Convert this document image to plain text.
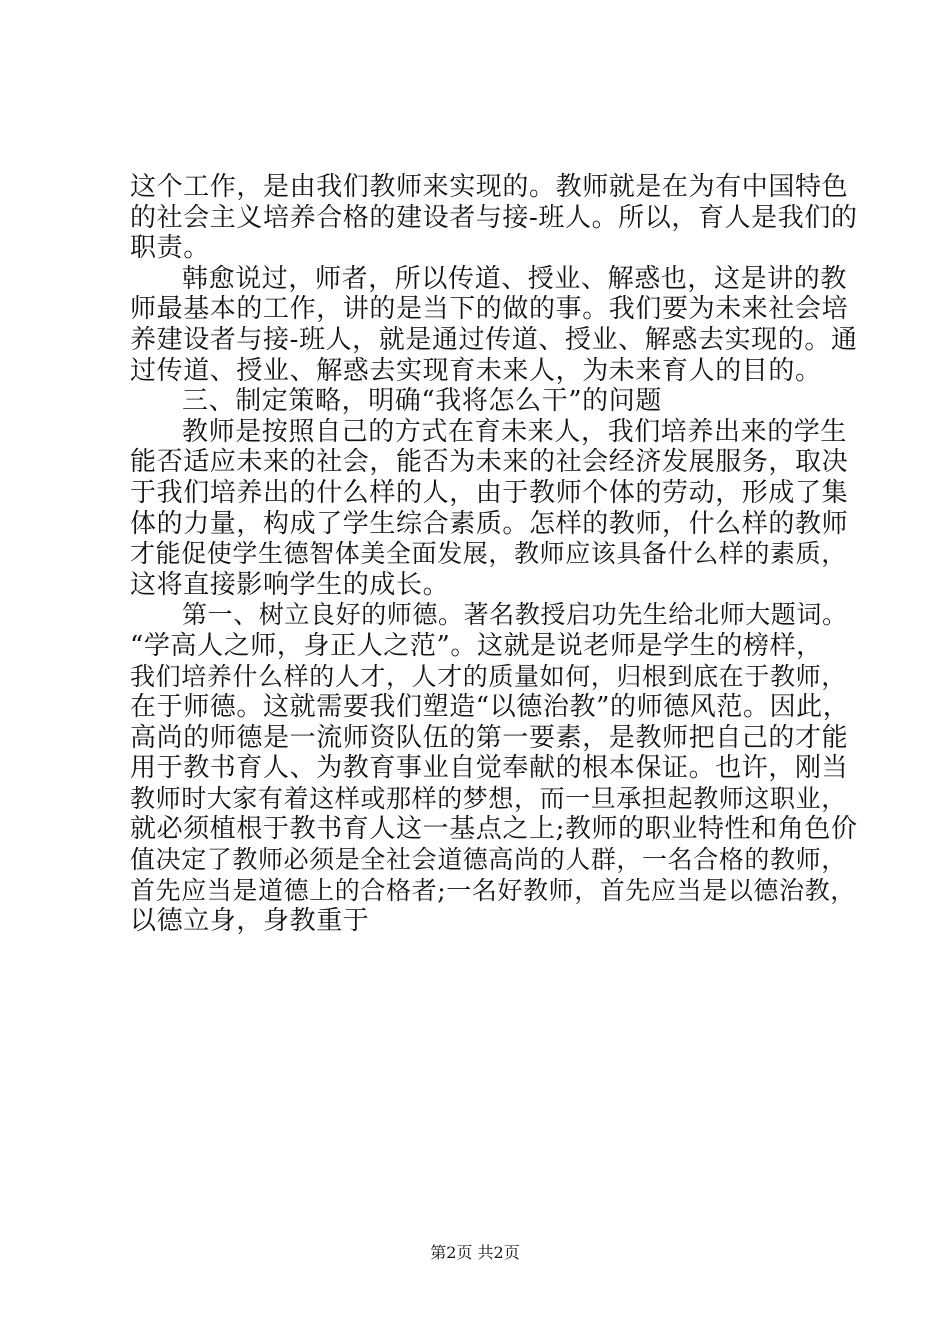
这个工作，是由我们教师来实现的。教师就是在为有中国特色
的社会主义培养合格的建设者与接-班人。所以，育人是我们的
职责。
韩愈说过，师者，所以传道、授业、解惑也，这是讲的教
师最基本的工作，讲的是当下的做的事。我们要为未来社会培
养建设者与接-班人，就是通过传道、授业、解惑去实现的。通
过传道、授业、解惑去实现育未来人，为未来育人的目的。
三、制定策略，明确“我将怎么干”的问题
教师是按照自己的方式在育未来人，我们培养出来的学生
能否适应未来的社会，能否为未来的社会经济发展服务，取决
于我们培养出的什么样的人，由于教师个体的劳动，形成了集
体的力量，构成了学生综合素质。怎样的教师，什么样的教师
才能促使学生德智体美全面发展，教师应该具备什么样的素质，
这将直接影响学生的成长。
第一、树立良好的师德。著名教授启功先生给北师大题词。
“学高人之师，身正人之范”。这就是说老师是学生的榜样，
我们培养什么样的人才，人才的质量如何，归根到底在于教师，
在于师德。这就需要我们塑造“以德治教”的师德风范。因此，
高尚的师德是一流师资队伍的第一要素，是教师把自己的才能
用于教书育人、为教育事业自觉奉献的根本保证。也许，刚当
教师时大家有着这样或那样的梦想，而一旦承担起教师这职业，
就必须植根于教书育人这一基点之上;教师的职业特性和角色价
值决定了教师必须是全社会道德高尚的人群，一名合格的教师，
首先应当是道德上的合格者;一名好教师，首先应当是以德治教，
以德立身，身教重于
第2页 共2页
